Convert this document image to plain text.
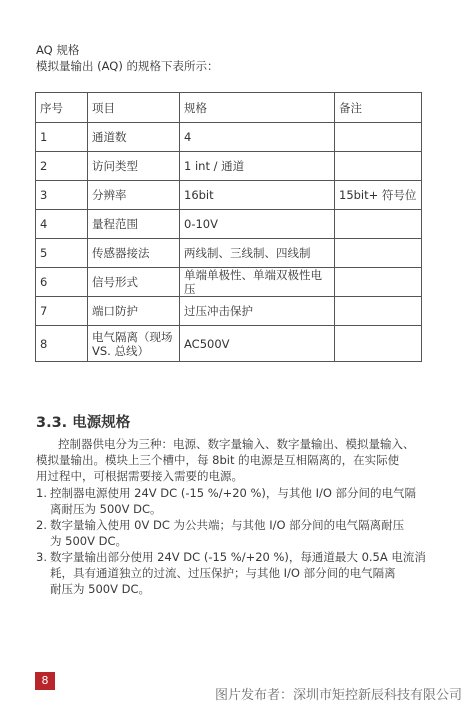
AQ 规格
模拟量输出 (AQ) 的规格下表所示：
序号	项目	规格	备注
1	通道数	4	
2	访问类型	1 int / 通道	
3	分辨率	16bit	15bit+ 符号位
4	量程范围	0-10V	
5	传感器接法	两线制、三线制、四线制	
6	信号形式	单端单极性、单端双极性电压	
7	端口防护	过压冲击保护	
8	电气隔离（现场 VS. 总线）	AC500V	
3.3. 电源规格
控制器供电分为三种：电源、数字量输入、数字量输出、模拟量输入、
模拟量输出。模块上三个槽中，每 8bit 的电源是互相隔离的，在实际使
用过程中，可根据需要接入需要的电源。
1. 控制器电源使用 24V DC (-15 %/+20 %)，与其他 I/O 部分间的电气隔
离耐压为 500V DC。
2. 数字量输入使用 0V DC 为公共端；与其他 I/O 部分间的电气隔离耐压
为 500V DC。
3. 数字量输出部分使用 24V DC (-15 %/+20 %)，每通道最大 0.5A 电流消
耗，具有通道独立的过流、过压保护；与其他 I/O 部分间的电气隔离
耐压为 500V DC。
8
图片发布者：深圳市矩控新辰科技有限公司
